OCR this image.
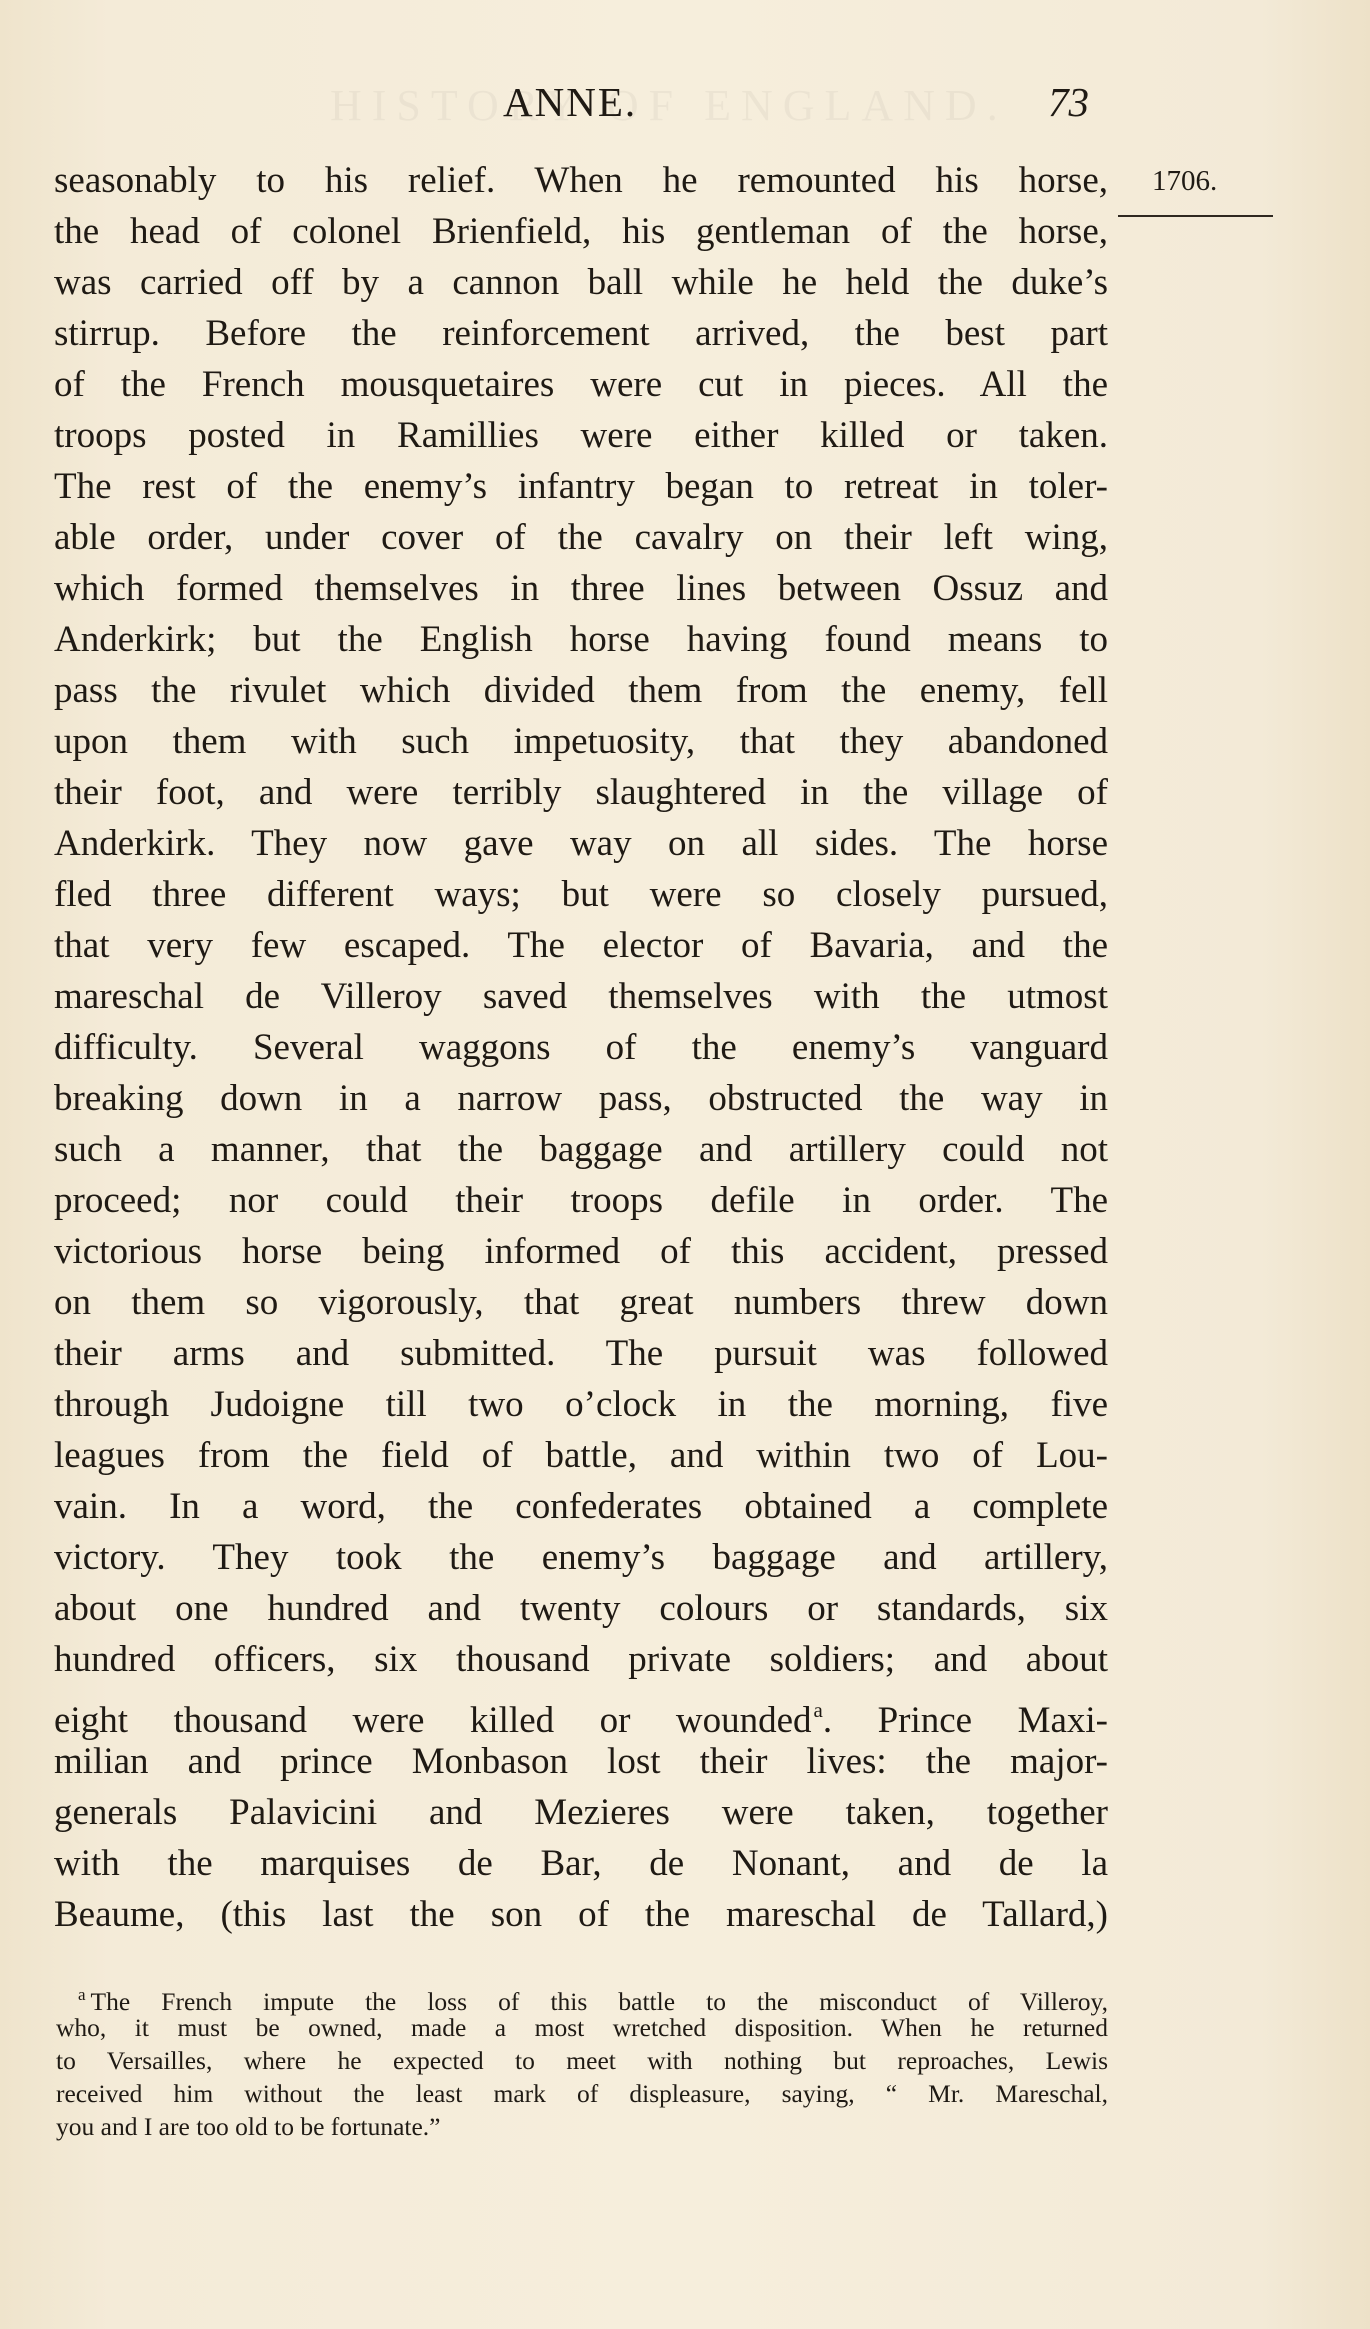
ANNE.	73
1706.
seasonably to his relief. When he remounted his horse,
the head of colonel Brienfield, his gentleman of the horse,
was carried off by a cannon ball while he held the duke’s
stirrup. Before the reinforcement arrived, the best part
of the French mousquetaires were cut in pieces. All the
troops posted in Ramillies were either killed or taken.
The rest of the enemy’s infantry began to retreat in toler-
able order, under cover of the cavalry on their left wing,
which formed themselves in three lines between Ossuz and
Anderkirk; but the English horse having found means to
pass the rivulet which divided them from the enemy, fell
upon them with such impetuosity, that they abandoned
their foot, and were terribly slaughtered in the village of
Anderkirk. They now gave way on all sides. The horse
fled three different ways; but were so closely pursued,
that very few escaped. The elector of Bavaria, and the
mareschal de Villeroy saved themselves with the utmost
difficulty. Several waggons of the enemy’s vanguard
breaking down in a narrow pass, obstructed the way in
such a manner, that the baggage and artillery could not
proceed; nor could their troops defile in order. The
victorious horse being informed of this accident, pressed
on them so vigorously, that great numbers threw down
their arms and submitted. The pursuit was followed
through Judoigne till two o’clock in the morning, five
leagues from the field of battle, and within two of Lou-
vain. In a word, the confederates obtained a complete
victory. They took the enemy’s baggage and artillery,
about one hundred and twenty colours or standards, six
hundred officers, six thousand private soldiers; and about
eight thousand were killed or wounded$^a$. Prince Maxi-
milian and prince Monbason lost their lives: the major-
generals Palavicini and Mezieres were taken, together
with the marquises de Bar, de Nonant, and de la
Beaume, (this last the son of the mareschal de Tallard,)
$^a$ The French impute the loss of this battle to the misconduct of Villeroy,
who, it must be owned, made a most wretched disposition. When he returned
to Versailles, where he expected to meet with nothing but reproaches, Lewis
received him without the least mark of displeasure, saying, “ Mr. Mareschal,
you and I are too old to be fortunate.”
